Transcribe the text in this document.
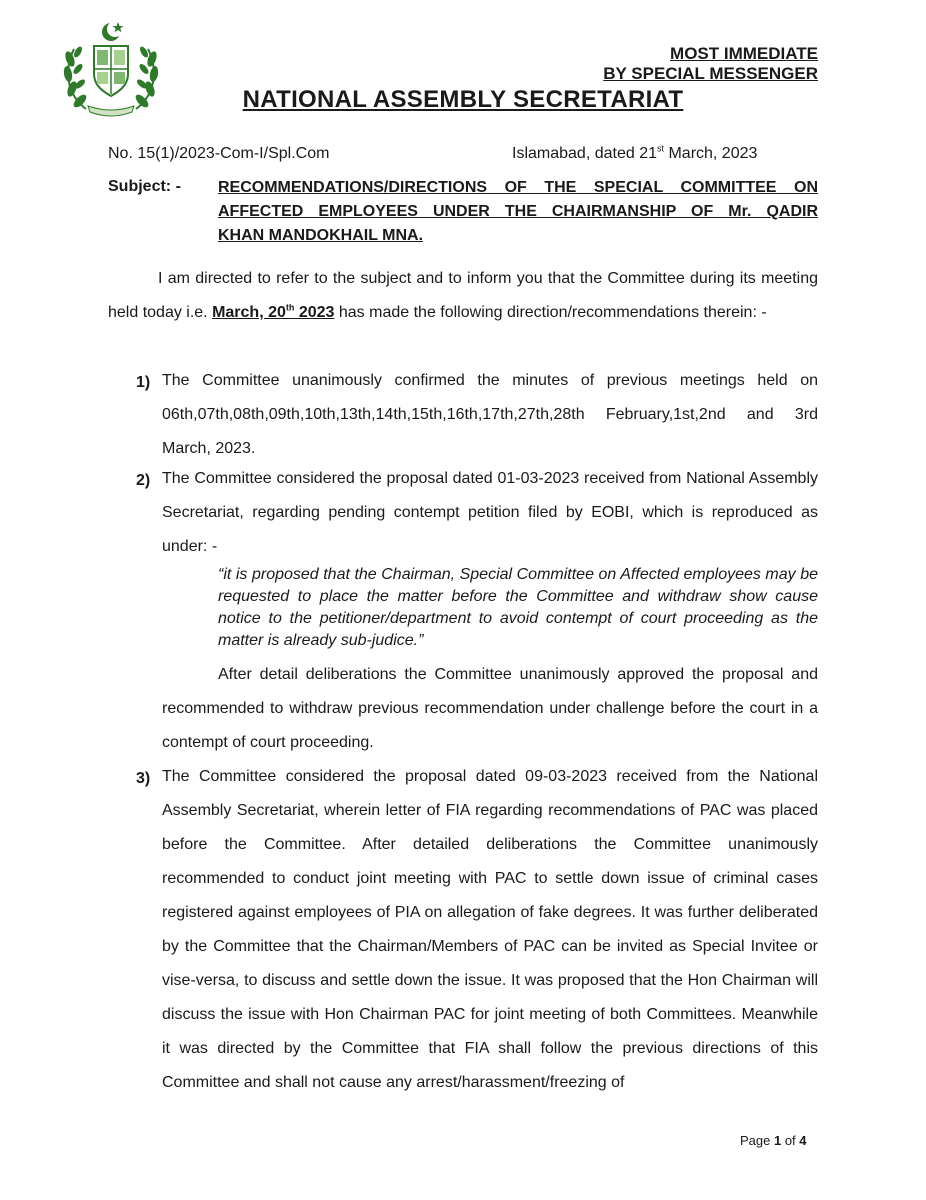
MOST IMMEDIATE
BY SPECIAL MESSENGER
NATIONAL ASSEMBLY SECRETARIAT
No. 15(1)/2023-Com-I/Spl.Com	Islamabad, dated 21st March, 2023
Subject: - RECOMMENDATIONS/DIRECTIONS OF THE SPECIAL COMMITTEE ON AFFECTED EMPLOYEES UNDER THE CHAIRMANSHIP OF Mr. QADIR
KHAN MANDOKHAIL MNA.
I am directed to refer to the subject and to inform you that the Committee during its meeting held today i.e. March, 20th 2023 has made the following direction/recommendations therein: -
1) The Committee unanimously confirmed the minutes of previous meetings held on 06th,07th,08th,09th,10th,13th,14th,15th,16th,17th,27th,28th February,1st,2nd and 3rd March, 2023.
2) The Committee considered the proposal dated 01-03-2023 received from National Assembly Secretariat, regarding pending contempt petition filed by EOBI, which is reproduced as under: -
“it is proposed that the Chairman, Special Committee on Affected employees may be requested to place the matter before the Committee and withdraw show cause notice to the petitioner/department to avoid contempt of court proceeding as the matter is already sub-judice.”
After detail deliberations the Committee unanimously approved the proposal and recommended to withdraw previous recommendation under challenge before the court in a contempt of court proceeding.
3) The Committee considered the proposal dated 09-03-2023 received from the National Assembly Secretariat, wherein letter of FIA regarding recommendations of PAC was placed before the Committee. After detailed deliberations the Committee unanimously recommended to conduct joint meeting with PAC to settle down issue of criminal cases registered against employees of PIA on allegation of fake degrees. It was further deliberated by the Committee that the Chairman/Members of PAC can be invited as Special Invitee or vise-versa, to discuss and settle down the issue. It was proposed that the Hon Chairman will discuss the issue with Hon Chairman PAC for joint meeting of both Committees. Meanwhile it was directed by the Committee that FIA shall follow the previous directions of this Committee and shall not cause any arrest/harassment/freezing of
Page 1 of 4
